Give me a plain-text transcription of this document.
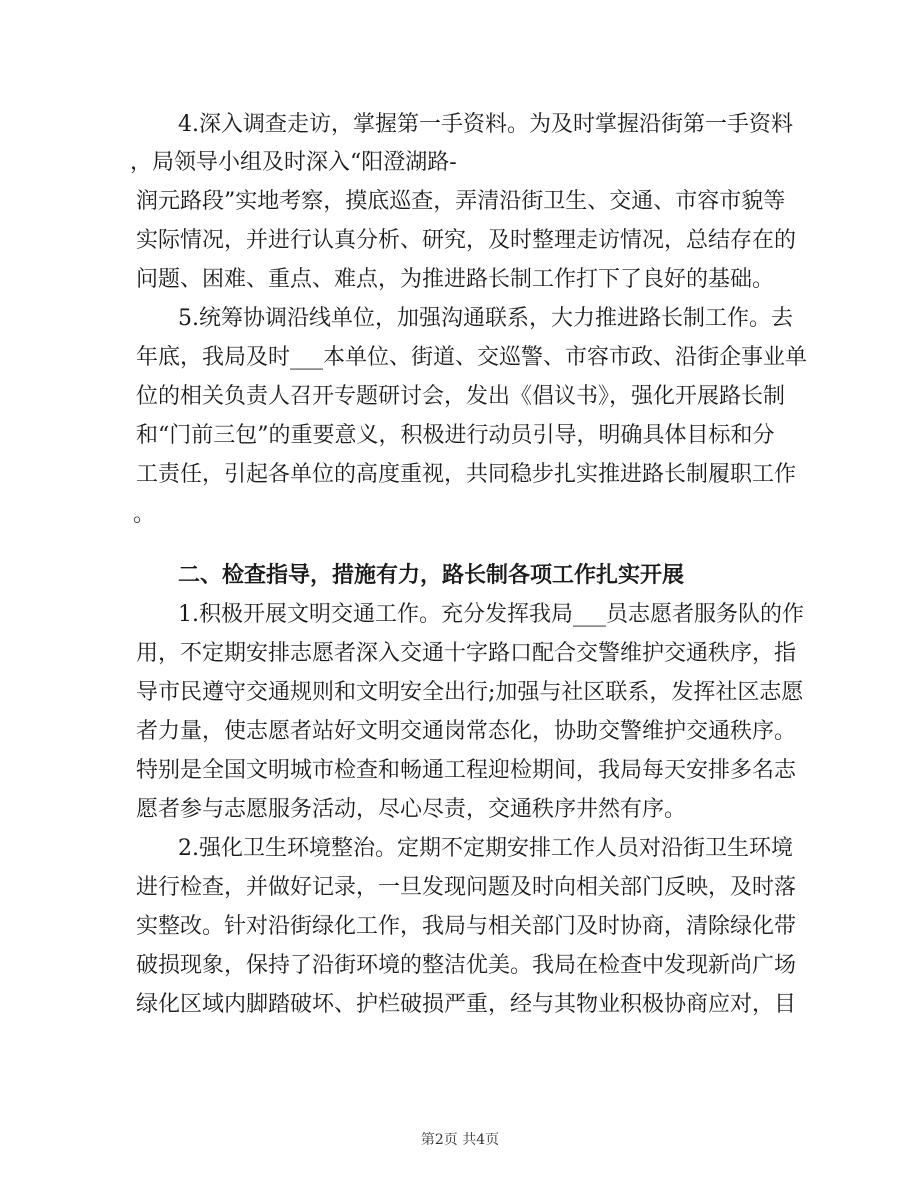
4.深入调查走访，掌握第一手资料。为及时掌握沿街第一手资料
，局领导小组及时深入“阳澄湖路-
润元路段”实地考察，摸底巡查，弄清沿街卫生、交通、市容市貌等
实际情况，并进行认真分析、研究，及时整理走访情况，总结存在的
问题、困难、重点、难点，为推进路长制工作打下了良好的基础。
5.统筹协调沿线单位，加强沟通联系，大力推进路长制工作。去
年底，我局及时___本单位、街道、交巡警、市容市政、沿街企事业单
位的相关负责人召开专题研讨会，发出《倡议书》，强化开展路长制
和“门前三包”的重要意义，积极进行动员引导，明确具体目标和分
工责任，引起各单位的高度重视，共同稳步扎实推进路长制履职工作
。
二、检查指导，措施有力，路长制各项工作扎实开展
1.积极开展文明交通工作。充分发挥我局___员志愿者服务队的作
用，不定期安排志愿者深入交通十字路口配合交警维护交通秩序，指
导市民遵守交通规则和文明安全出行;加强与社区联系，发挥社区志愿
者力量，使志愿者站好文明交通岗常态化，协助交警维护交通秩序。
特别是全国文明城市检查和畅通工程迎检期间，我局每天安排多名志
愿者参与志愿服务活动，尽心尽责，交通秩序井然有序。
2.强化卫生环境整治。定期不定期安排工作人员对沿街卫生环境
进行检查，并做好记录，一旦发现问题及时向相关部门反映，及时落
实整改。针对沿街绿化工作，我局与相关部门及时协商，清除绿化带
破损现象，保持了沿街环境的整洁优美。我局在检查中发现新尚广场
绿化区域内脚踏破坏、护栏破损严重，经与其物业积极协商应对，目
第2页 共4页
